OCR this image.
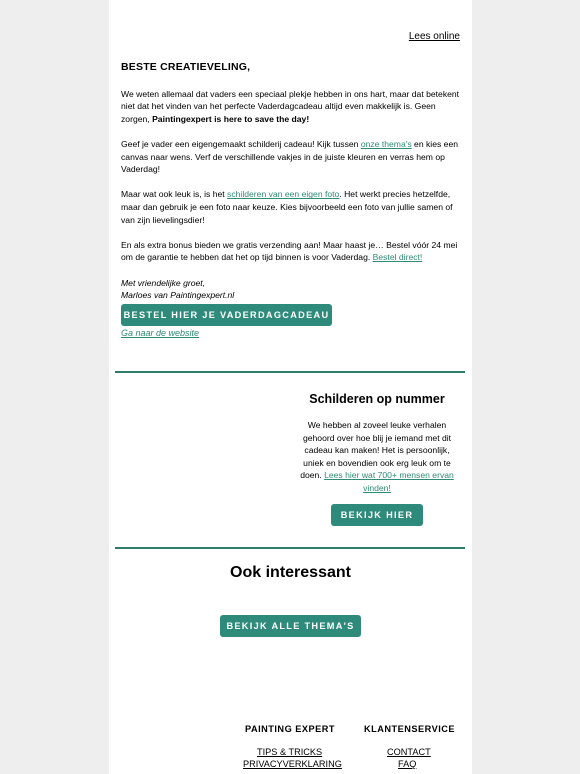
Lees online
BESTE CREATIEVELING,
We weten allemaal dat vaders een speciaal plekje hebben in ons hart, maar dat betekent niet dat het vinden van het perfecte Vaderdagcadeau altijd even makkelijk is. Geen zorgen, Paintingexpert is here to save the day!
Geef je vader een eigengemaakt schilderij cadeau! Kijk tussen onze thema's en kies een canvas naar wens. Verf de verschillende vakjes in de juiste kleuren en verras hem op Vaderdag!
Maar wat ook leuk is, is het schilderen van een eigen foto. Het werkt precies hetzelfde, maar dan gebruik je een foto naar keuze. Kies bijvoorbeeld een foto van jullie samen of van zijn lievelingsdier!
En als extra bonus bieden we gratis verzending aan! Maar haast je… Bestel vóór 24 mei om de garantie te hebben dat het op tijd binnen is voor Vaderdag. Bestel direct!
Met vriendelijke groet,
Marloes van Paintingexpert.nl
BESTEL HIER JE VADERDAGCADEAU
Ga naar de website
Schilderen op nummer
We hebben al zoveel leuke verhalen gehoord over hoe blij je iemand met dit cadeau kan maken! Het is persoonlijk, uniek en bovendien ook erg leuk om te doen. Lees hier wat 700+ mensen ervan vinden!
BEKIJK HIER
Ook interessant
BEKIJK ALLE THEMA'S
PAINTING EXPERT
TIPS & TRICKS
PRIVACYVERKLARING
KLANTENSERVICE
CONTACT
FAQ
